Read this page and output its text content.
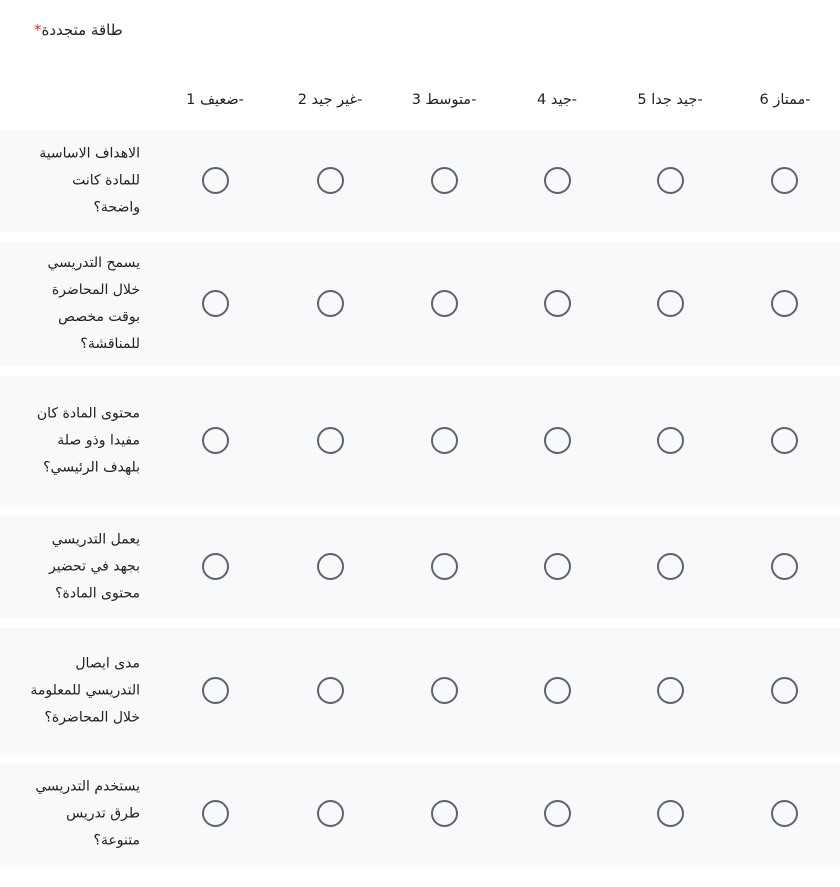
طاقة متجددة*
ضعيف 1-	غير جيد 2-	متوسط 3-	جيد 4-	جيد جدا 5-	ممتاز 6-
الاهداف الاساسية للمادة كانت واضحة؟
يسمح التدريسي خلال المحاضرة بوقت مخصص للمناقشة؟
محتوى المادة كان مفيدا وذو صلة بلهدف الرئيسي؟
يعمل التدريسي بجهد في تحضير محتوى المادة؟
مدى ايصال التدريسي للمعلومة خلال المحاضرة؟
يستخدم التدريسي طرق تدريس متنوعة؟
